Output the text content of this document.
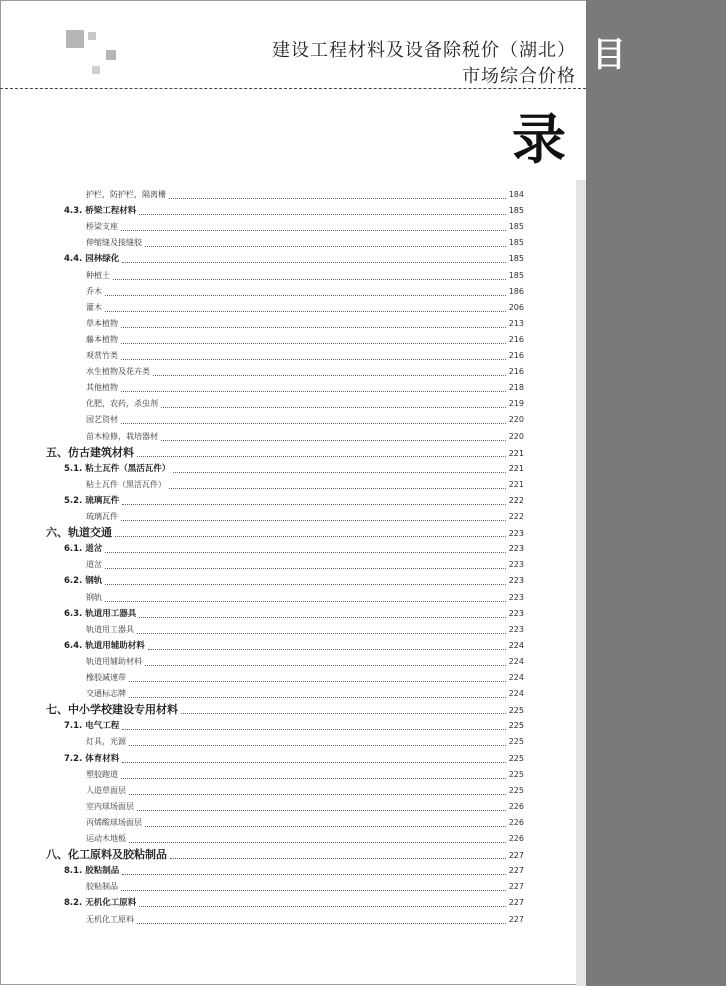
建设工程材料及设备除税价（湖北）
市场综合价格
目
录
护栏，防护栏，隔离栅	184
4.3. 桥梁工程材料	185
桥梁支座	185
伸缩缝及接缝胶	185
4.4. 园林绿化	185
种植土	185
乔木	186
灌木	206
草本植物	213
藤本植物	216
观赏竹类	216
水生植物及花卉类	216
其他植物	218
化肥，农药，杀虫剂	219
园艺资材	220
苗木检修，栽培器材	220
五、仿古建筑材料	221
5.1. 粘土瓦件（黑活瓦件）	221
粘土瓦件（黑活瓦件）	221
5.2. 琉璃瓦件	222
琉璃瓦件	222
六、轨道交通	223
6.1. 道岔	223
道岔	223
6.2. 钢轨	223
钢轨	223
6.3. 轨道用工器具	223
轨道用工器具	223
6.4. 轨道用辅助材料	224
轨道用辅助材料	224
橡胶减速带	224
交通标志牌	224
七、中小学校建设专用材料	225
7.1. 电气工程	225
灯具，光源	225
7.2. 体育材料	225
塑胶跑道	225
人造草面层	225
室内球场面层	226
丙烯酸球场面层	226
运动木地板	226
八、化工原料及胶粘制品	227
8.1. 胶粘制品	227
胶粘制品	227
8.2. 无机化工原料	227
无机化工原料	227
